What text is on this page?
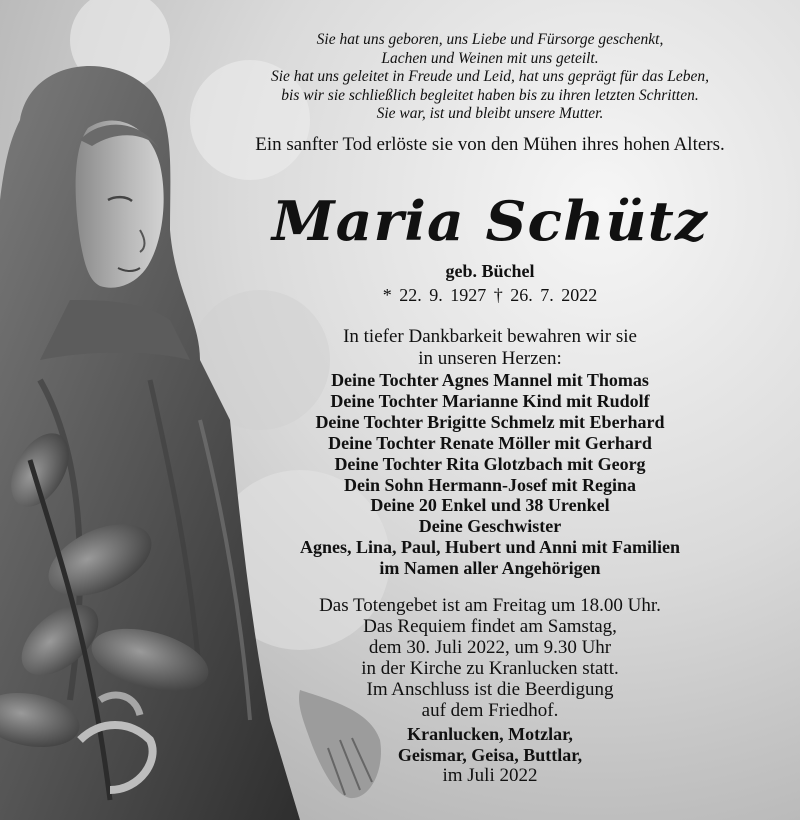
Sie hat uns geboren, uns Liebe und Fürsorge geschenkt,
Lachen und Weinen mit uns geteilt.
Sie hat uns geleitet in Freude und Leid, hat uns geprägt für das Leben,
bis wir sie schließlich begleitet haben bis zu ihren letzten Schritten.
Sie war, ist und bleibt unsere Mutter.
Ein sanfter Tod erlöste sie von den Mühen ihres hohen Alters.
Maria Schütz
geb. Büchel
* 22. 9. 1927 † 26. 7. 2022
In tiefer Dankbarkeit bewahren wir sie
in unseren Herzen:
Deine Tochter Agnes Mannel mit Thomas
Deine Tochter Marianne Kind mit Rudolf
Deine Tochter Brigitte Schmelz mit Eberhard
Deine Tochter Renate Möller mit Gerhard
Deine Tochter Rita Glotzbach mit Georg
Dein Sohn Hermann-Josef mit Regina
Deine 20 Enkel und 38 Urenkel
Deine Geschwister
Agnes, Lina, Paul, Hubert und Anni mit Familien
im Namen aller Angehörigen
Das Totengebet ist am Freitag um 18.00 Uhr.
Das Requiem findet am Samstag,
dem 30. Juli 2022, um 9.30 Uhr
in der Kirche zu Kranlucken statt.
Im Anschluss ist die Beerdigung
auf dem Friedhof.
Kranlucken, Motzlar,
Geismar, Geisa, Buttlar,
im Juli 2022
